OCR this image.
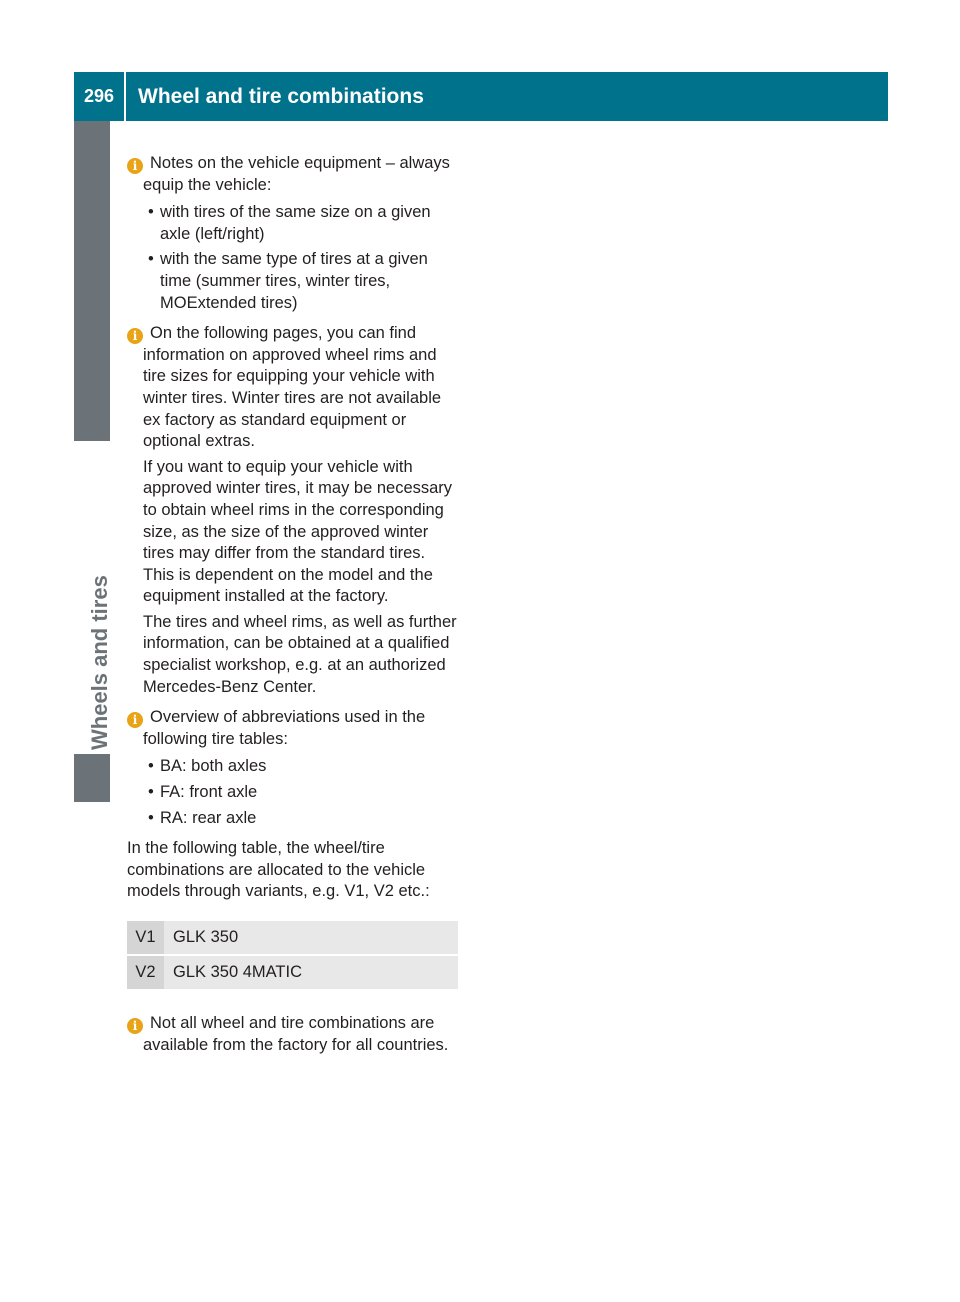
296	Wheel and tire combinations
Wheels and tires

i Notes on the vehicle equipment – always equip the vehicle:

• with tires of the same size on a given axle (left/right)
• with the same type of tires at a given time (summer tires, winter tires, MOExtended tires)

i On the following pages, you can find information on approved wheel rims and tire sizes for equipping your vehicle with winter tires. Winter tires are not available ex factory as standard equipment or optional extras.

If you want to equip your vehicle with approved winter tires, it may be necessary to obtain wheel rims in the corresponding size, as the size of the approved winter tires may differ from the standard tires. This is dependent on the model and the equipment installed at the factory.

The tires and wheel rims, as well as further information, can be obtained at a qualified specialist workshop, e.g. at an authorized Mercedes-Benz Center.

i Overview of abbreviations used in the following tire tables:

• BA: both axles
• FA: front axle
• RA: rear axle

In the following table, the wheel/tire combinations are allocated to the vehicle models through variants, e.g. V1, V2 etc.:

V1	GLK 350
V2	GLK 350 4MATIC

i Not all wheel and tire combinations are available from the factory for all countries.
